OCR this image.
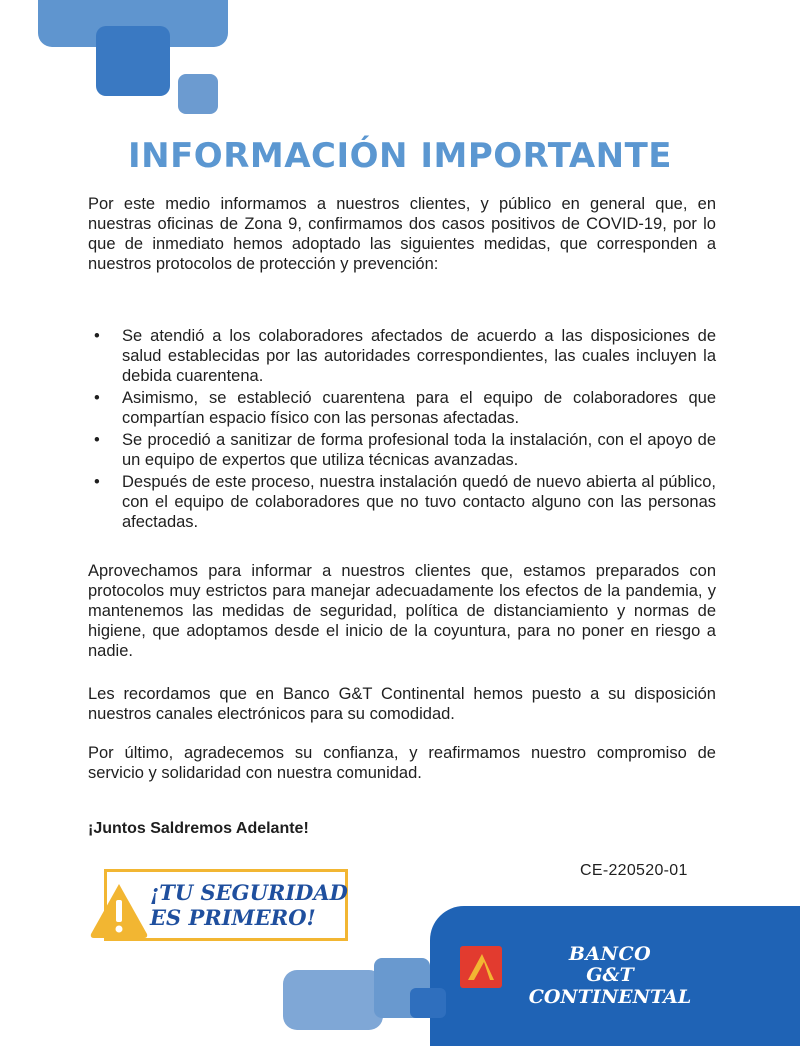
INFORMACIÓN IMPORTANTE
Por este medio informamos a nuestros clientes, y público en general que, en nuestras oficinas de Zona 9, confirmamos dos casos positivos de COVID-19, por lo que de inmediato hemos adoptado las siguientes medidas, que corresponden a nuestros protocolos de protección y prevención:
• Se atendió a los colaboradores afectados de acuerdo a las disposiciones de salud establecidas por las autoridades correspondientes, las cuales incluyen la debida cuarentena.
• Asimismo, se estableció cuarentena para el equipo de colaboradores que compartían espacio físico con las personas afectadas.
• Se procedió a sanitizar de forma profesional toda la instalación, con el apoyo de un equipo de expertos que utiliza técnicas avanzadas.
• Después de este proceso, nuestra instalación quedó de nuevo abierta al público, con el equipo de colaboradores que no tuvo contacto alguno con las personas afectadas.
Aprovechamos para informar a nuestros clientes que, estamos preparados con protocolos muy estrictos para manejar adecuadamente los efectos de la pandemia, y mantenemos las medidas de seguridad, política de distanciamiento y normas de higiene, que adoptamos desde el inicio de la coyuntura, para no poner en riesgo a nadie.
Les recordamos que en Banco G&T Continental hemos puesto a su disposición nuestros canales electrónicos para su comodidad.
Por último, agradecemos su confianza, y reafirmamos nuestro compromiso de servicio y solidaridad con nuestra comunidad.
¡Juntos Saldremos Adelante!
CE-220520-01
¡TU SEGURIDAD
ES PRIMERO!
BANCO
G&T CONTINENTAL
